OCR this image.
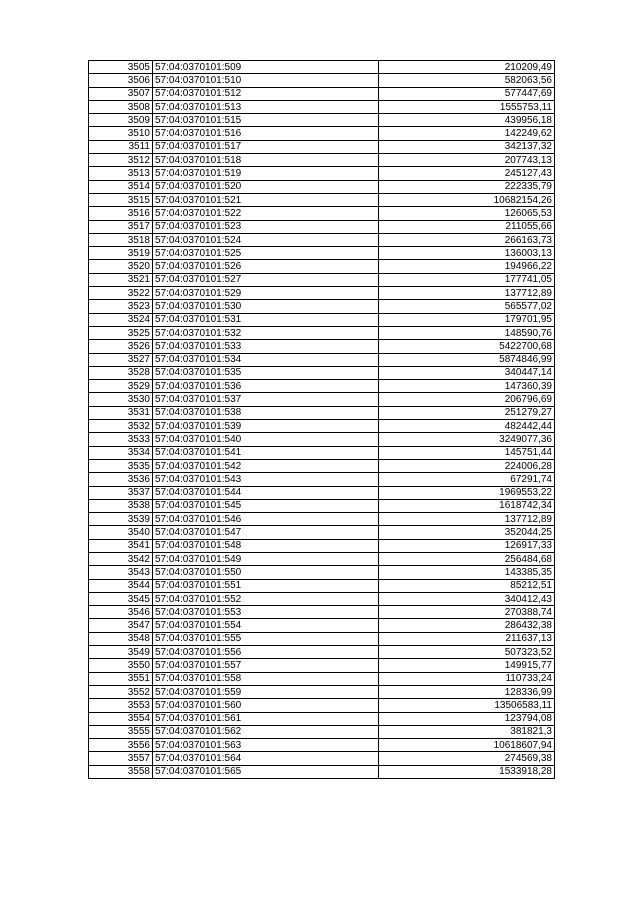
3505	57:04:0370101:509	210209,49
3506	57:04:0370101:510	582063,56
3507	57:04:0370101:512	577447,69
3508	57:04:0370101:513	1555753,11
3509	57:04:0370101:515	439956,18
3510	57:04:0370101:516	142249,62
3511	57:04:0370101:517	342137,32
3512	57:04:0370101:518	207743,13
3513	57:04:0370101:519	245127,43
3514	57:04:0370101:520	222335,79
3515	57:04:0370101:521	10682154,26
3516	57:04:0370101:522	126065,53
3517	57:04:0370101:523	211055,66
3518	57:04:0370101:524	266163,73
3519	57:04:0370101:525	136003,13
3520	57:04:0370101:526	194966,22
3521	57:04:0370101:527	177741,05
3522	57:04:0370101:529	137712,89
3523	57:04:0370101:530	565577,02
3524	57:04:0370101:531	179701,95
3525	57:04:0370101:532	148590,76
3526	57:04:0370101:533	5422700,68
3527	57:04:0370101:534	5874846,99
3528	57:04:0370101:535	340447,14
3529	57:04:0370101:536	147360,39
3530	57:04:0370101:537	206796,69
3531	57:04:0370101:538	251279,27
3532	57:04:0370101:539	482442,44
3533	57:04:0370101:540	3249077,36
3534	57:04:0370101:541	145751,44
3535	57:04:0370101:542	224006,28
3536	57:04:0370101:543	67291,74
3537	57:04:0370101:544	1969553,22
3538	57:04:0370101:545	1618742,34
3539	57:04:0370101:546	137712,89
3540	57:04:0370101:547	352044,25
3541	57:04:0370101:548	126917,33
3542	57:04:0370101:549	256484,68
3543	57:04:0370101:550	143385,35
3544	57:04:0370101:551	85212,51
3545	57:04:0370101:552	340412,43
3546	57:04:0370101:553	270388,74
3547	57:04:0370101:554	286432,38
3548	57:04:0370101:555	211637,13
3549	57:04:0370101:556	507323,52
3550	57:04:0370101:557	149915,77
3551	57:04:0370101:558	110733,24
3552	57:04:0370101:559	128336,99
3553	57:04:0370101:560	13506583,11
3554	57:04:0370101:561	123794,08
3555	57:04:0370101:562	381821,3
3556	57:04:0370101:563	10618607,94
3557	57:04:0370101:564	274569,38
3558	57:04:0370101:565	1533918,28
